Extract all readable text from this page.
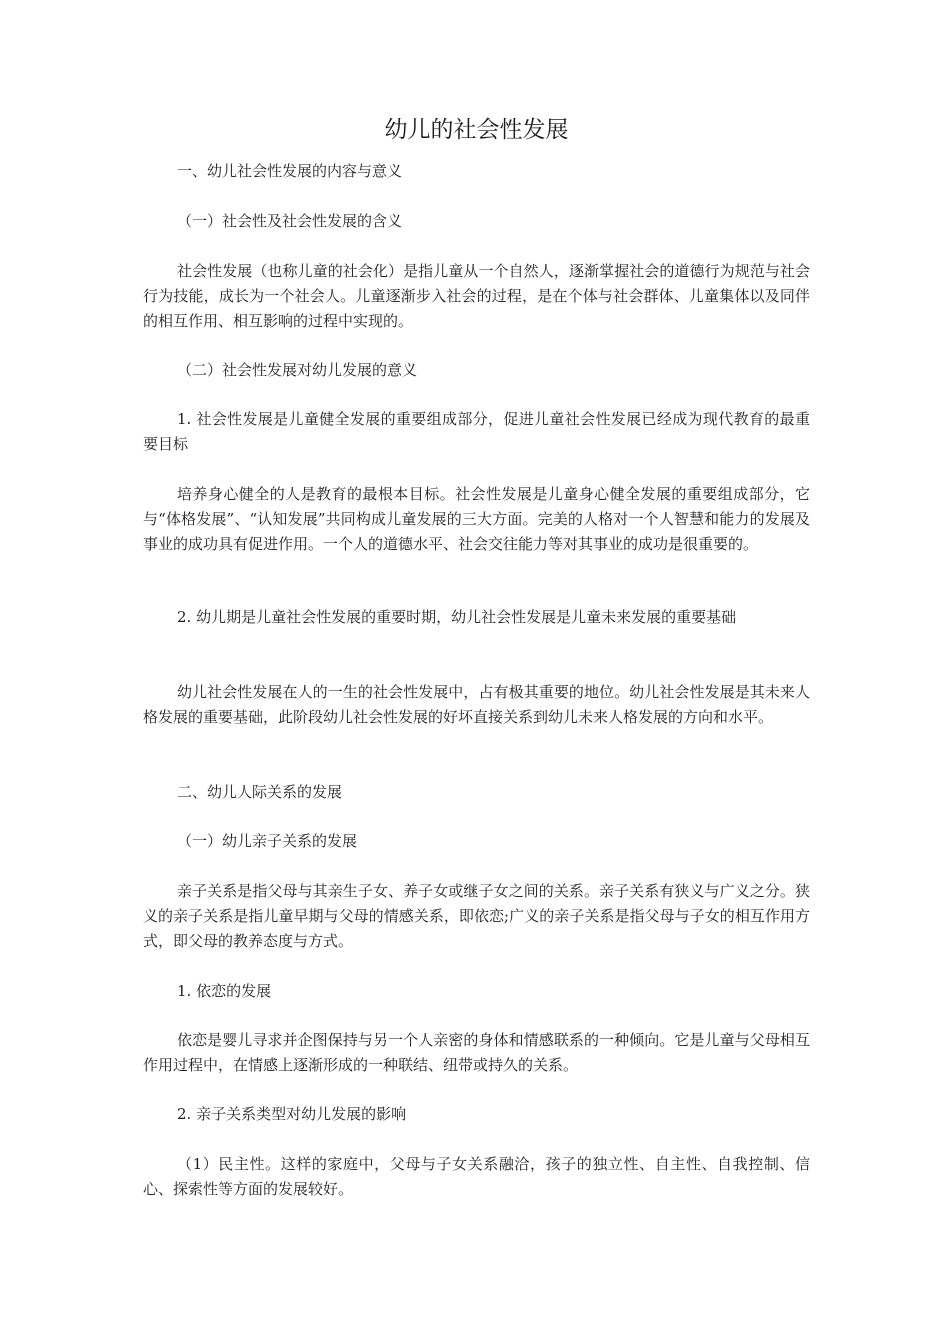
幼儿的社会性发展

一、幼儿社会性发展的内容与意义

（一）社会性及社会性发展的含义

社会性发展（也称儿童的社会化）是指儿童从一个自然人，逐渐掌握社会的道德行为规范与社会行为技能，成长为一个社会人。儿童逐渐步入社会的过程，是在个体与社会群体、儿童集体以及同伴的相互作用、相互影响的过程中实现的。

（二）社会性发展对幼儿发展的意义

1. 社会性发展是儿童健全发展的重要组成部分，促进儿童社会性发展已经成为现代教育的最重要目标

培养身心健全的人是教育的最根本目标。社会性发展是儿童身心健全发展的重要组成部分，它与“体格发展”、“认知发展”共同构成儿童发展的三大方面。完美的人格对一个人智慧和能力的发展及事业的成功具有促进作用。一个人的道德水平、社会交往能力等对其事业的成功是很重要的。

2. 幼儿期是儿童社会性发展的重要时期，幼儿社会性发展是儿童未来发展的重要基础

幼儿社会性发展在人的一生的社会性发展中，占有极其重要的地位。幼儿社会性发展是其未来人格发展的重要基础，此阶段幼儿社会性发展的好坏直接关系到幼儿未来人格发展的方向和水平。

二、幼儿人际关系的发展

（一）幼儿亲子关系的发展

亲子关系是指父母与其亲生子女、养子女或继子女之间的关系。亲子关系有狭义与广义之分。狭义的亲子关系是指儿童早期与父母的情感关系，即依恋;广义的亲子关系是指父母与子女的相互作用方式，即父母的教养态度与方式。

1. 依恋的发展

依恋是婴儿寻求并企图保持与另一个人亲密的身体和情感联系的一种倾向。它是儿童与父母相互作用过程中，在情感上逐渐形成的一种联结、纽带或持久的关系。

2. 亲子关系类型对幼儿发展的影响

（1）民主性。这样的家庭中，父母与子女关系融洽，孩子的独立性、自主性、自我控制、信心、探索性等方面的发展较好。
